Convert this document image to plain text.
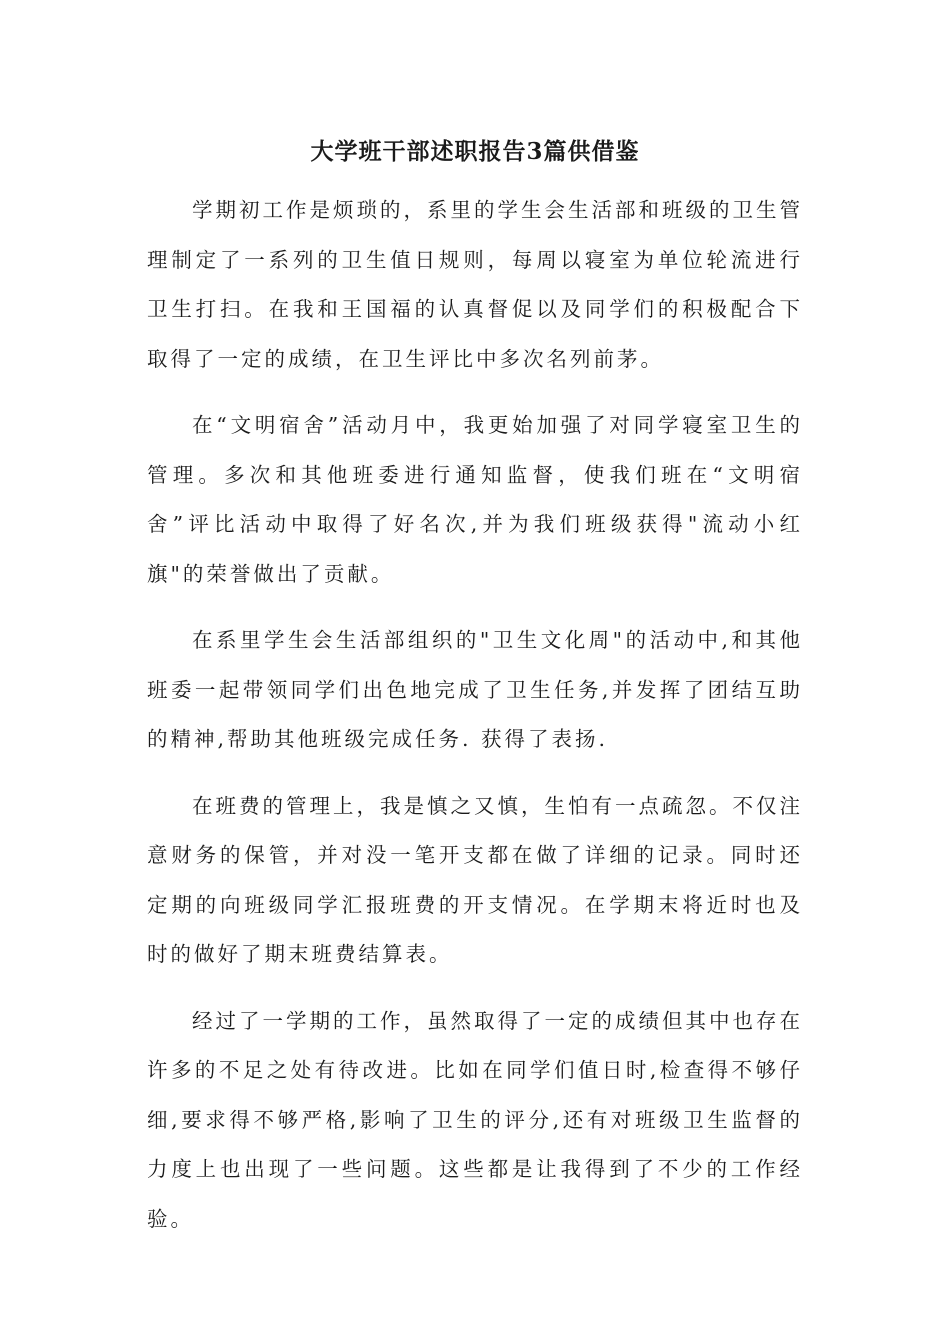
大学班干部述职报告3篇供借鉴

学期初工作是烦琐的，系里的学生会生活部和班级的卫生管理制定了一系列的卫生值日规则，每周以寝室为单位轮流进行卫生打扫。在我和王国福的认真督促以及同学们的积极配合下取得了一定的成绩，在卫生评比中多次名列前茅。

在“文明宿舍”活动月中，我更始加强了对同学寝室卫生的管理。多次和其他班委进行通知监督，使我们班在“文明宿舍”评比活动中取得了好名次,并为我们班级获得"流动小红旗"的荣誉做出了贡献。

在系里学生会生活部组织的"卫生文化周"的活动中,和其他班委一起带领同学们出色地完成了卫生任务,并发挥了团结互助的精神,帮助其他班级完成任务. 获得了表扬.

在班费的管理上，我是慎之又慎，生怕有一点疏忽。不仅注意财务的保管，并对没一笔开支都在做了详细的记录。同时还定期的向班级同学汇报班费的开支情况。在学期末将近时也及时的做好了期末班费结算表。

经过了一学期的工作，虽然取得了一定的成绩但其中也存在许多的不足之处有待改进。比如在同学们值日时,检查得不够仔细,要求得不够严格,影响了卫生的评分,还有对班级卫生监督的力度上也出现了一些问题。这些都是让我得到了不少的工作经验。
